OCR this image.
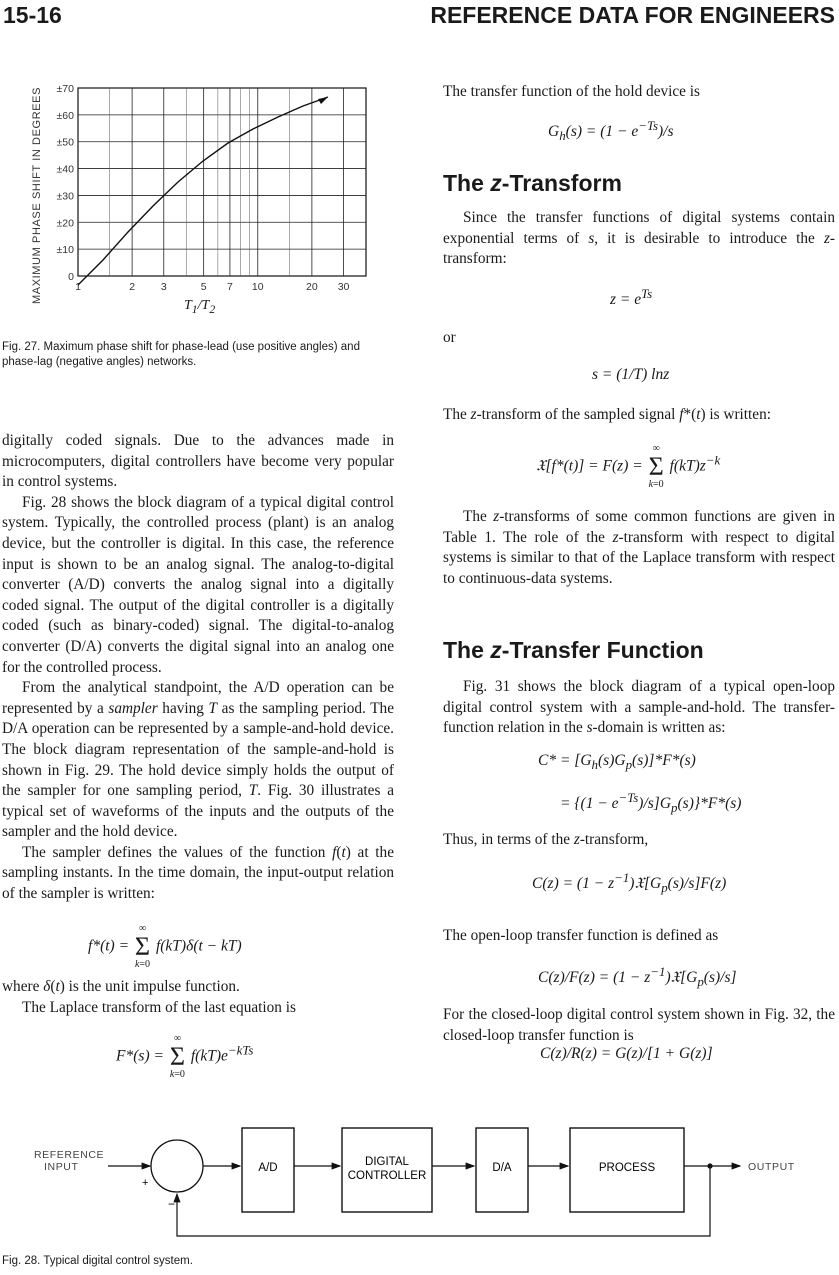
15-16	REFERENCE DATA FOR ENGINEERS
MAXIMUM PHASE SHIFT IN DEGREES ±70
±60
±50
±40
±30
±20
±10
0
1	2 3	5 7 10	20 30
$T_1/T_2$
Fig. 27. Maximum phase shift for phase-lead (use positive angles) and phase-lag (negative angles) networks.

digitally coded signals. Due to the advances made in microcomputers, digital controllers have become very popular in control systems.

Fig. 28 shows the block diagram of a typical digital control system. Typically, the controlled process (plant) is an analog device, but the controller is digital. In this case, the reference input is shown to be an analog signal. The analog-to-digital converter (A/D) converts the analog signal into a digitally coded signal. The output of the digital controller is a digitally coded (such as binary-coded) signal. The digital-to-analog converter (D/A) converts the digital signal into an analog one for the controlled process.

From the analytical standpoint, the A/D operation can be represented by a sampler having T as the sampling period. The D/A operation can be represented by a sample-and-hold device. The block diagram representation of the sample-and-hold is shown in Fig. 29. The hold device simply holds the output of the sampler for one sampling period, T. Fig. 30 illustrates a typical set of waveforms of the inputs and the outputs of the sampler and the hold device.

The sampler defines the values of the function f(t) at the sampling instants. In the time domain, the input-output relation of the sampler is written:

f*(t) =
∞
Σ
k=0
f(kT)δ(t − kT)

where δ(t) is the unit impulse function.

The Laplace transform of the last equation is

F*(s) =
∞
Σ
k=0
$f(kT)e^{-kTs}$
The transfer function of the hold device is
$G_h(s) = (1 - e^{-Ts})/s$
The z-Transform

Since the transfer functions of digital systems contain exponential terms of s, it is desirable to introduce the z-transform:

$z = e^{Ts}$
or
s = (1/T) lnz
The z-transform of the sampled signal f*(t) is written:
𝔛[f*(t)] = F(z) =
∞
Σ
k=0
$f(kT)z^{-k}$

The z-transforms of some common functions are given in Table 1. The role of the z-transform with respect to digital systems is similar to that of the Laplace transform with respect to continuous-data systems.

The z-Transfer Function

Fig. 31 shows the block diagram of a typical open-loop digital control system with a sample-and-hold. The transfer-function relation in the s-domain is written as:

$C* = [G_h(s)G_p(s)]*F*(s)$
= $\{(1 - e^{-Ts})/s]G_p(s)\}*F*(s)$
Thus, in terms of the z-transform,
$C(z) = (1 - z^{-1})𝔛[G_p(s)/s]F(z)$
The open-loop transfer function is defined as
$C(z)/F(z) = (1 - z^{-1})𝔛[G_p(s)/s]$
For the closed-loop digital control system shown in Fig. 32, the closed-loop transfer function is
C(z)/R(z) = G(z)/[1 + G(z)]
REFERENCE
INPUT
+
−
A/D	DIGITAL
CONTROLLER
D/A	PROCESS	OUTPUT
Fig. 28. Typical digital control system.
